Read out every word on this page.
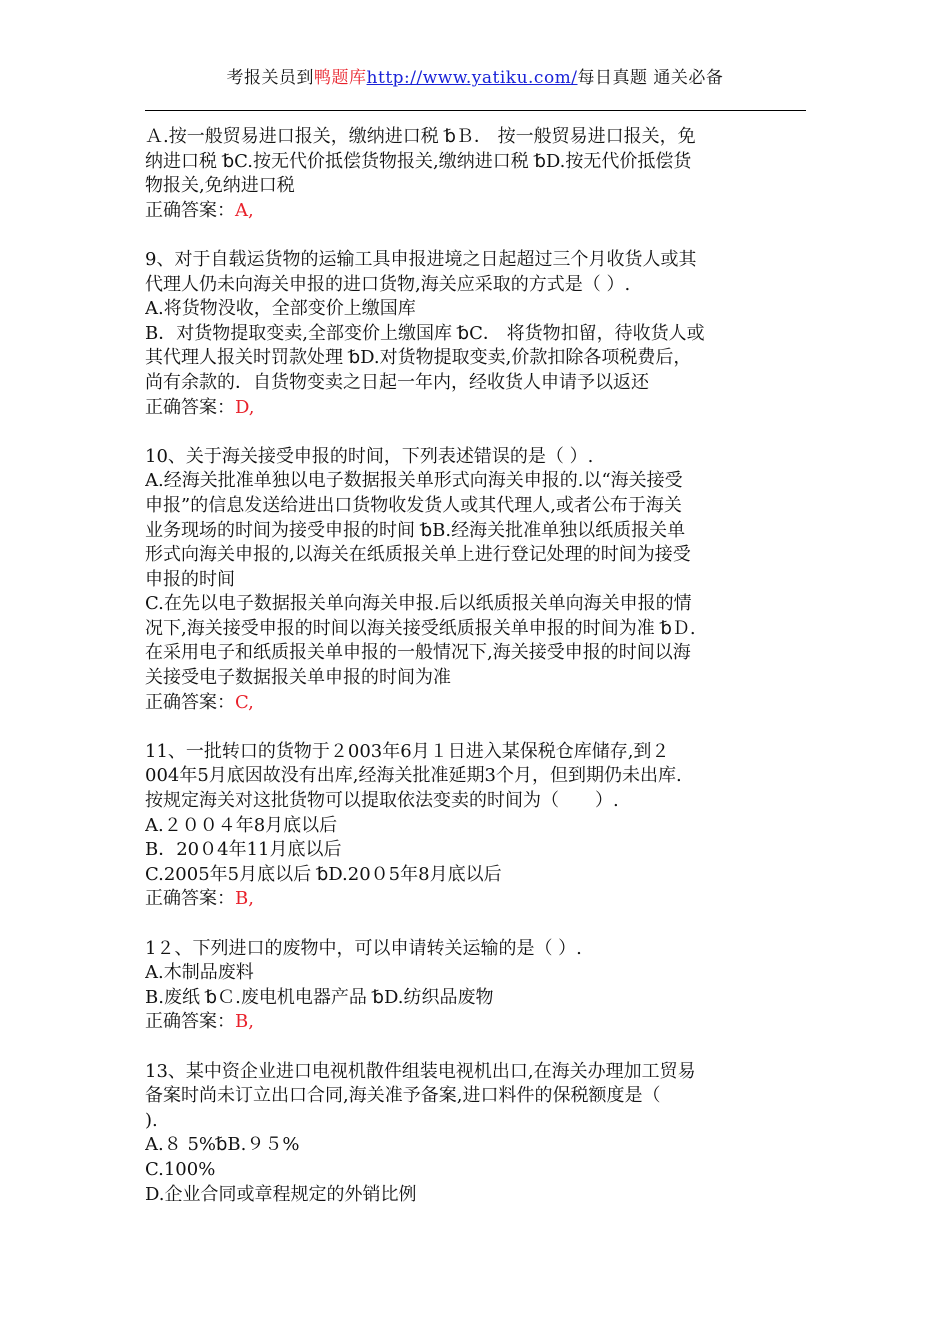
考报关员到鸭题库http://www.yatiku.com/每日真题 通关必备
Ａ.按一般贸易进口报关，缴纳进口税 ␢Ｂ． 按一般贸易进口报关，免
纳进口税 ␢C.按无代价抵偿货物报关,缴纳进口税 ␢D.按无代价抵偿货
物报关,免纳进口税
正确答案：A,
9、对于自载运货物的运输工具申报进境之日起超过三个月收货人或其
代理人仍未向海关申报的进口货物,海关应采取的方式是（ ）.
A.将货物没收，全部变价上缴国库
B．对货物提取变卖,全部变价上缴国库 ␢C． 将货物扣留，待收货人或
其代理人报关时罚款处理 ␢D.对货物提取变卖,价款扣除各项税费后，
尚有余款的．自货物变卖之日起一年内，经收货人申请予以返还
正确答案：D,
10、关于海关接受申报的时间，下列表述错误的是（ ）.
A.经海关批准单独以电子数据报关单形式向海关申报的.以“海关接受
申报”的信息发送给进出口货物收发货人或其代理人,或者公布于海关
业务现场的时间为接受申报的时间 ␢B.经海关批准单独以纸质报关单
形式向海关申报的,以海关在纸质报关单上进行登记处理的时间为接受
申报的时间
C.在先以电子数据报关单向海关申报.后以纸质报关单向海关申报的情
况下,海关接受申报的时间以海关接受纸质报关单申报的时间为准 ␢Ｄ.
在采用电子和纸质报关单申报的一般情况下,海关接受申报的时间以海
关接受电子数据报关单申报的时间为准
正确答案：C,
11、一批转口的货物于２003年6月１日进入某保税仓库储存,到２
004年5月底因故没有出库,经海关批准延期3个月，但到期仍未出库.
按规定海关对这批货物可以提取依法变卖的时间为（　　）.
A.２００４年8月底以后
B．20０4年11月底以后
C.2005年5月底以后 ␢D.20０5年8月底以后
正确答案：B,
1２、下列进口的废物中，可以申请转关运输的是（ ）.
A.木制品废料
B.废纸 ␢Ｃ.废电机电器产品 ␢D.纺织品废物
正确答案：B,
13、某中资企业进口电视机散件组装电视机出口,在海关办理加工贸易
备案时尚未订立出口合同,海关准予备案,进口料件的保税额度是（
).
A.８ 5%␢B.９５%
C.100%
D.企业合同或章程规定的外销比例
